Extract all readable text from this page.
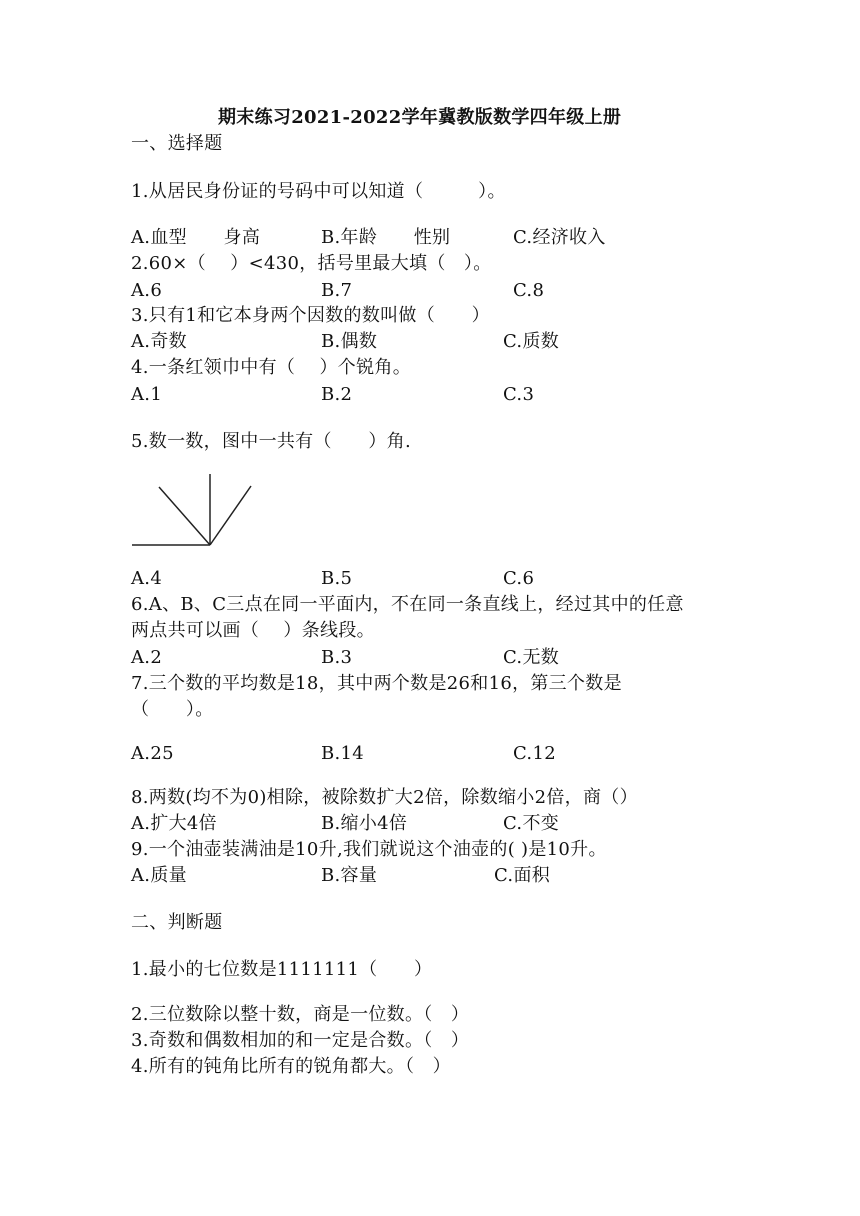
期末练习2021-2022学年冀教版数学四年级上册
一、选择题
1.从居民身份证的号码中可以知道（　　　）。
A.血型　　身高	B.年龄　　性别	C.经济收入
2.60×（　 ）<430，括号里最大填（　）。
A.6	B.7	C.8
3.只有1和它本身两个因数的数叫做（　　）
A.奇数	B.偶数	C.质数
4.一条红领巾中有（　 ）个锐角。
A.1	B.2	C.3
5.数一数，图中一共有（　　）角.
A.4	B.5	C.6
6.A、B、C三点在同一平面内，不在同一条直线上，经过其中的任意
两点共可以画（　 ）条线段。
A.2	B.3	C.无数
7.三个数的平均数是18，其中两个数是26和16，第三个数是
（　　）。
A.25	B.14	C.12
8.两数(均不为0)相除，被除数扩大2倍，除数缩小2倍，商（）
A.扩大4倍	B.缩小4倍	C.不变
9.一个油壶装满油是10升,我们就说这个油壶的( )是10升。
A.质量	B.容量	C.面积
二、判断题
1.最小的七位数是1111111（　　）
2.三位数除以整十数，商是一位数。（　）
3.奇数和偶数相加的和一定是合数。（　）
4.所有的钝角比所有的锐角都大。（　）
